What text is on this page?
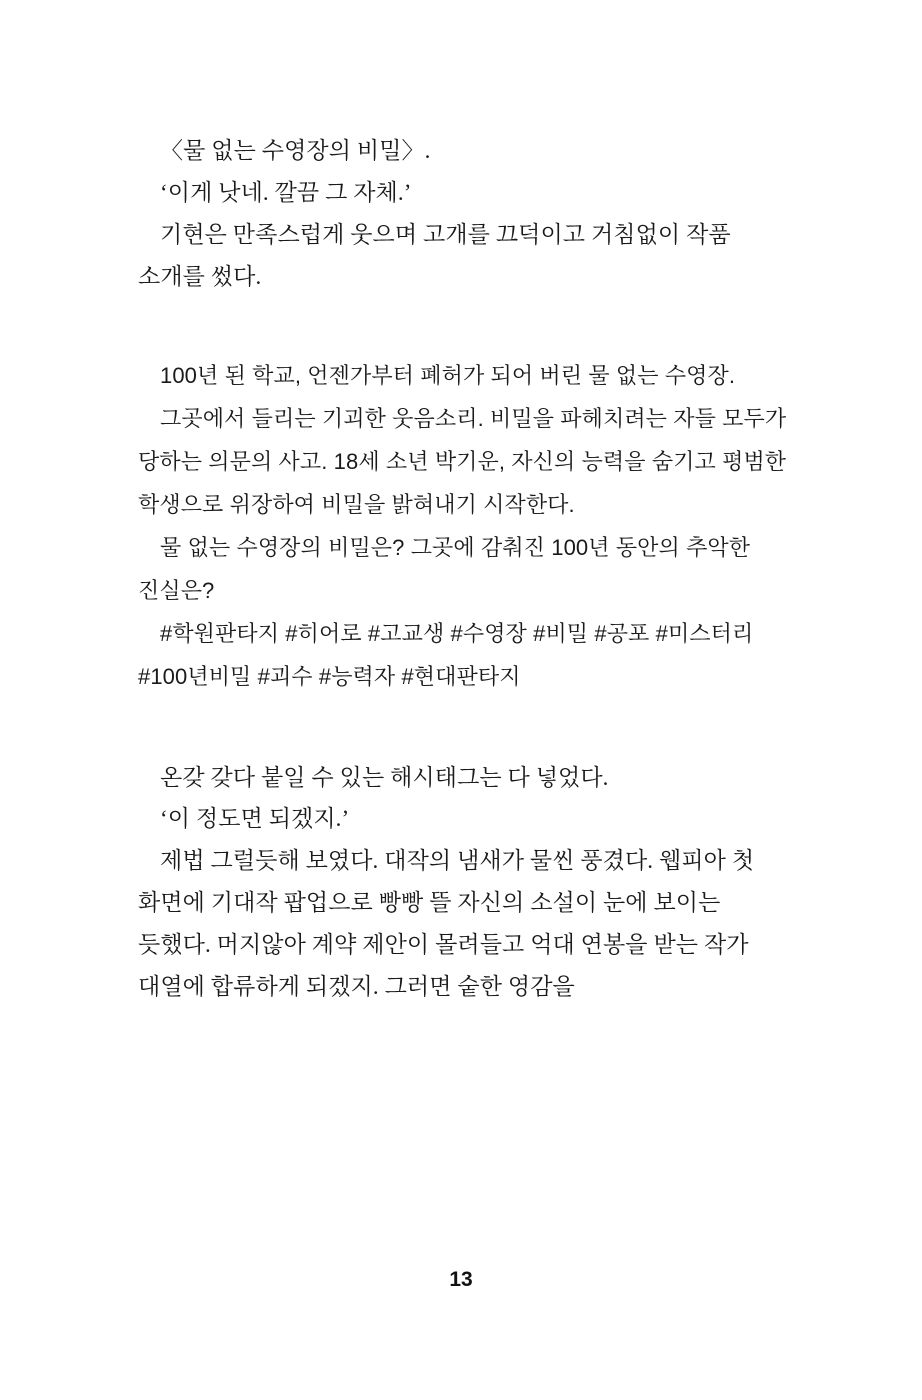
〈물 없는 수영장의 비밀〉.

‘이게 낫네. 깔끔 그 자체.’

기현은 만족스럽게 웃으며 고개를 끄덕이고 거침없이 작품 소개를 썼다.

100년 된 학교, 언젠가부터 폐허가 되어 버린 물 없는 수영장.

그곳에서 들리는 기괴한 웃음소리. 비밀을 파헤치려는 자들 모두가 당하는 의문의 사고. 18세 소년 박기운, 자신의 능력을 숨기고 평범한 학생으로 위장하여 비밀을 밝혀내기 시작한다.

물 없는 수영장의 비밀은? 그곳에 감춰진 100년 동안의 추악한 진실은?

#학원판타지 #히어로 #고교생 #수영장 #비밀 #공포 #미스터리 #100년비밀 #괴수 #능력자 #현대판타지

온갖 갖다 붙일 수 있는 해시태그는 다 넣었다.

‘이 정도면 되겠지.’

제법 그럴듯해 보였다. 대작의 냄새가 물씬 풍겼다. 웹피아 첫 화면에 기대작 팝업으로 빵빵 뜰 자신의 소설이 눈에 보이는 듯했다. 머지않아 계약 제안이 몰려들고 억대 연봉을 받는 작가 대열에 합류하게 되겠지. 그러면 숱한 영감을

13
